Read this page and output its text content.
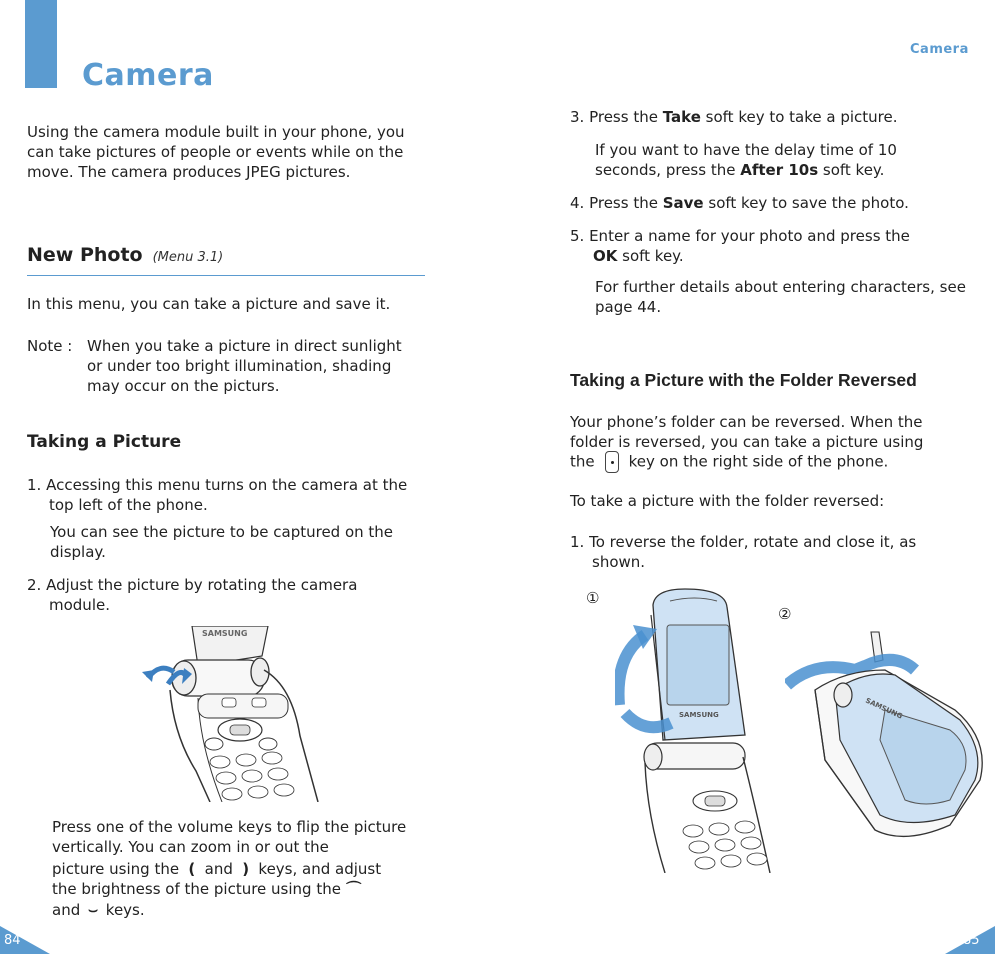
Camera
Using the camera module built in your phone, you can take pictures of people or events while on the move. The camera produces JPEG pictures.
New Photo (Menu 3.1)
In this menu, you can take a picture and save it.
Note : When you take a picture in direct sunlight or under too bright illumination, shading may occur on the picturs.
Taking a Picture
1. Accessing this menu turns on the camera at the top left of the phone.
You can see the picture to be captured on the display.
2. Adjust the picture by rotating the camera module.
SAMSUNG
Press one of the volume keys to flip the picture vertically. You can zoom in or out the
picture using the ( and ) keys, and adjust
the brightness of the picture using the ⌒
and ⌣ keys.
84
Camera
3. Press the Take soft key to take a picture.
If you want to have the delay time of 10 seconds, press the After 10s soft key.
4. Press the Save soft key to save the photo.
5. Enter a name for your photo and press the
OK soft key.
For further details about entering characters, see page 44.
Taking a Picture with the Folder Reversed
Your phone’s folder can be reversed. When the folder is reversed, you can take a picture using
the key on the right side of the phone.
To take a picture with the folder reversed:
1. To reverse the folder, rotate and close it, as shown.
①
②
SAMSUNG	SAMSUNG
85
